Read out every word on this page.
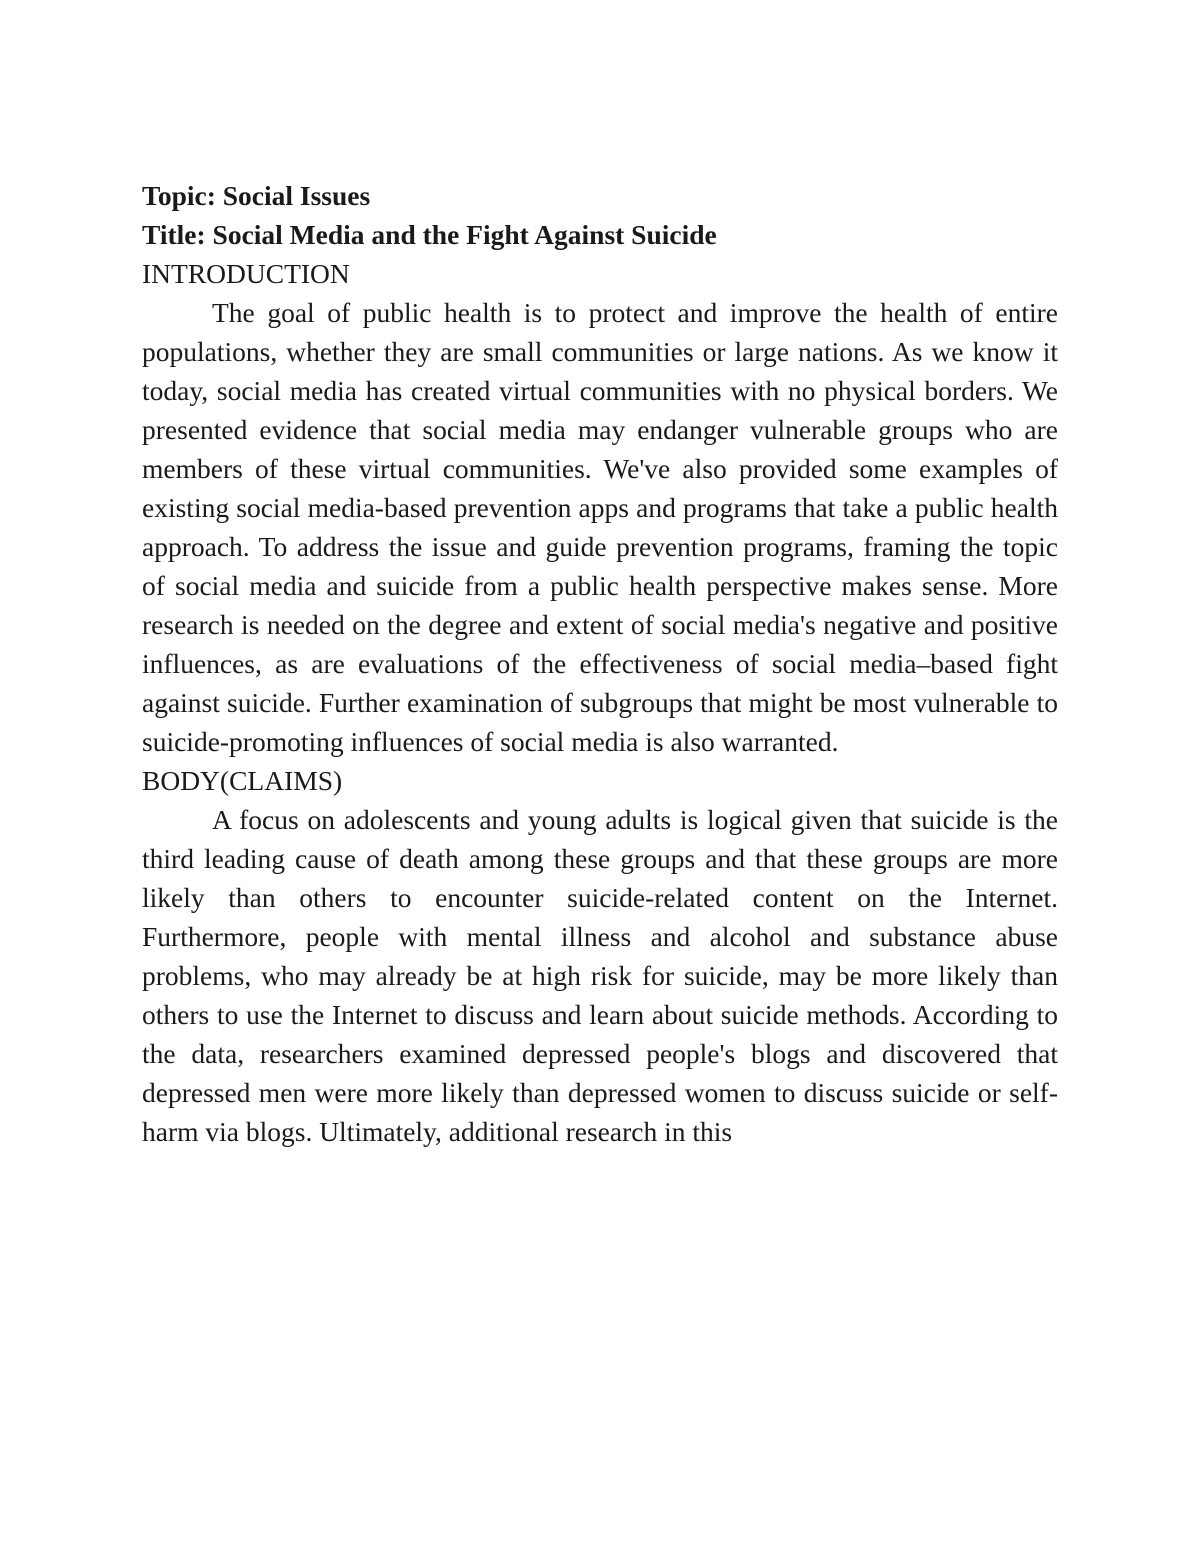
Topic: Social Issues

Title: Social Media and the Fight Against Suicide

INTRODUCTION

The goal of public health is to protect and improve the health of entire populations, whether they are small communities or large nations. As we know it today, social media has created virtual communities with no physical borders. We presented evidence that social media may endanger vulnerable groups who are members of these virtual communities. We've also provided some examples of existing social media-based prevention apps and programs that take a public health approach. To address the issue and guide prevention programs, framing the topic of social media and suicide from a public health perspective makes sense. More research is needed on the degree and extent of social media's negative and positive influences, as are evaluations of the effectiveness of social media–based fight against suicide. Further examination of subgroups that might be most vulnerable to suicide-promoting influences of social media is also warranted.

BODY(CLAIMS)

A focus on adolescents and young adults is logical given that suicide is the third leading cause of death among these groups and that these groups are more likely than others to encounter suicide-related content on the Internet. Furthermore, people with mental illness and alcohol and substance abuse problems, who may already be at high risk for suicide, may be more likely than others to use the Internet to discuss and learn about suicide methods. According to the data, researchers examined depressed people's blogs and discovered that depressed men were more likely than depressed women to discuss suicide or self-harm via blogs. Ultimately, additional research in this
